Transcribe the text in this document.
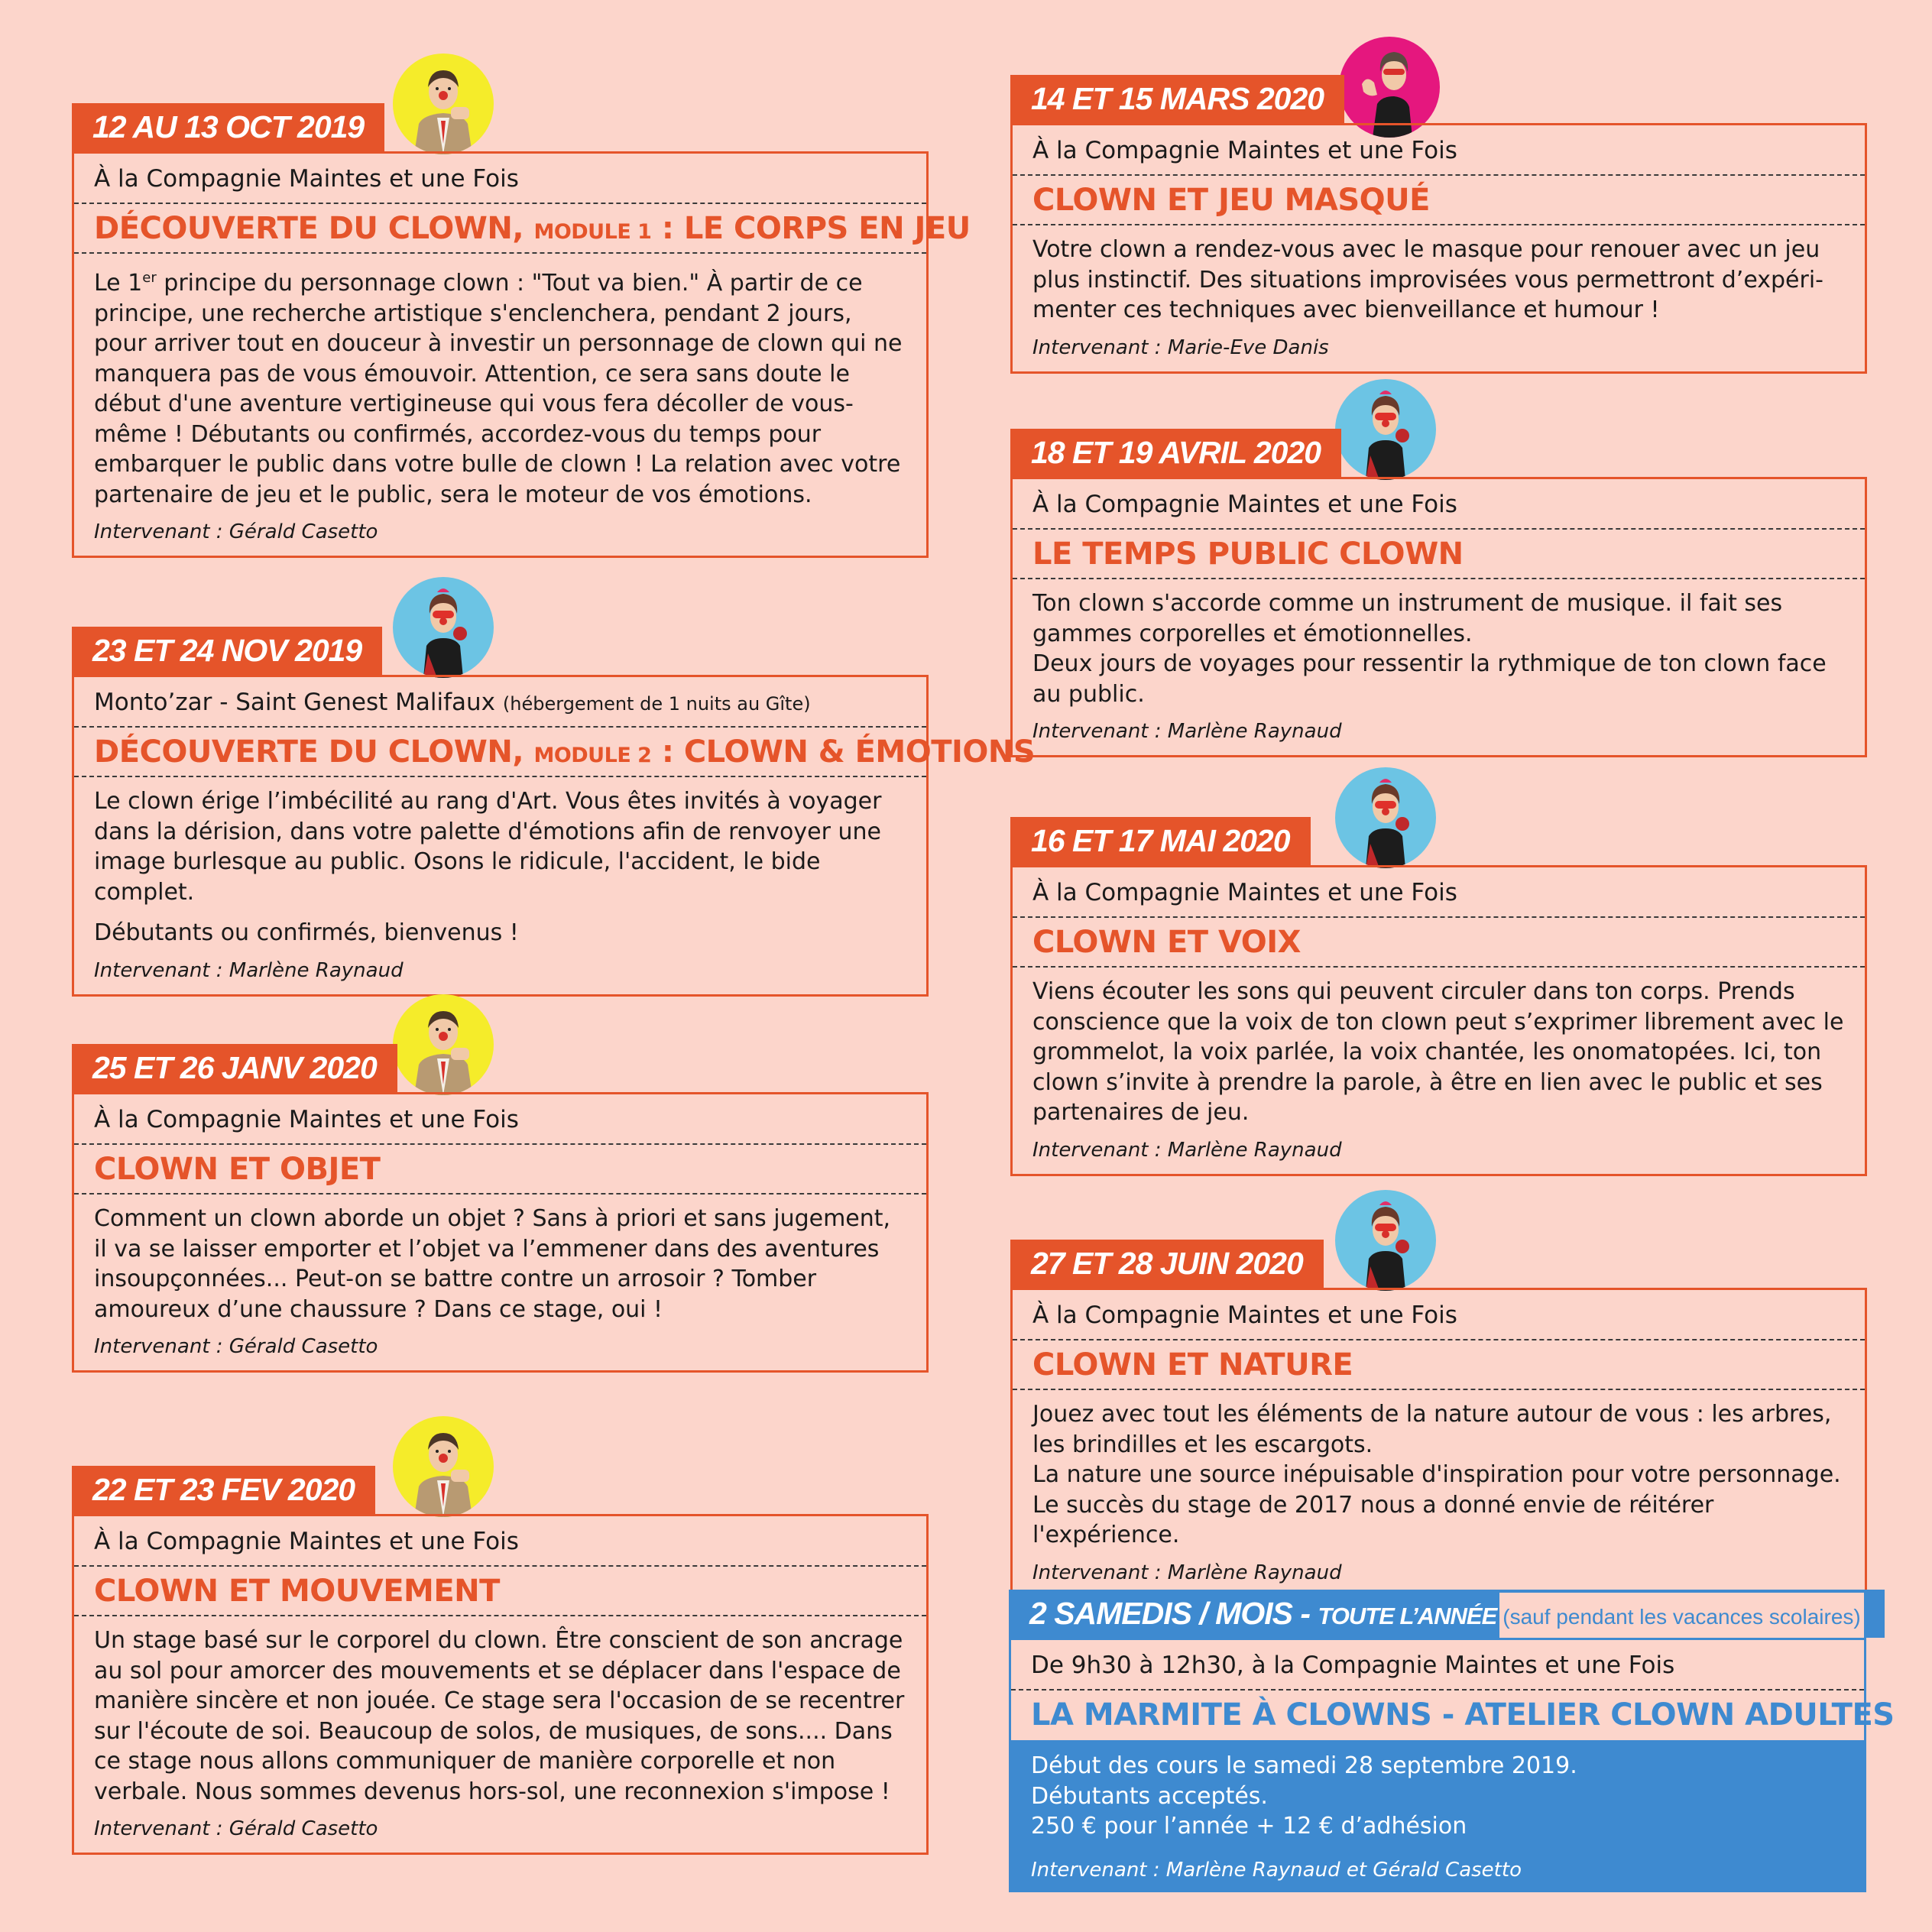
12 AU 13 OCT 2019
À la Compagnie Maintes et une Fois
DÉCOUVERTE DU CLOWN, MODULE 1 : LE CORPS EN JEU

Le 1er principe du personnage clown : "Tout va bien." À partir de ce principe, une recherche artistique s'enclenchera, pendant 2 jours, pour arriver tout en douceur à investir un personnage de clown qui ne manquera pas de vous émouvoir. Attention, ce sera sans doute le début d'une aventure vertigineuse qui vous fera décoller de vous-même ! Débutants ou confirmés, accordez-vous du temps pour embarquer le public dans votre bulle de clown ! La relation avec votre partenaire de jeu et le public, sera le moteur de vos émotions.

Intervenant : Gérald Casetto
23 ET 24 NOV 2019
Monto’zar - Saint Genest Malifaux (hébergement de 1 nuits au Gîte)
DÉCOUVERTE DU CLOWN, MODULE 2 : CLOWN & ÉMOTIONS

Le clown érige l’imbécilité au rang d'Art. Vous êtes invités à voyager dans la dérision, dans votre palette d'émotions afin de renvoyer une image burlesque au public. Osons le ridicule, l'accident, le bide complet.

Débutants ou confirmés, bienvenus !

Intervenant : Marlène Raynaud
25 ET 26 JANV 2020
À la Compagnie Maintes et une Fois
CLOWN ET OBJET

Comment un clown aborde un objet ? Sans à priori et sans jugement, il va se laisser emporter et l’objet va l’emmener dans des aventures insoupçonnées... Peut-on se battre contre un arrosoir ? Tomber amoureux d’une chaussure ? Dans ce stage, oui !

Intervenant : Gérald Casetto
22 ET 23 FEV 2020
À la Compagnie Maintes et une Fois
CLOWN ET MOUVEMENT

Un stage basé sur le corporel du clown. Être conscient de son ancrage au sol pour amorcer des mouvements et se déplacer dans l'espace de manière sincère et non jouée. Ce stage sera l'occasion de se recentrer sur l'écoute de soi. Beaucoup de solos, de musiques, de sons.... Dans ce stage nous allons communiquer de manière corporelle et non verbale. Nous sommes devenus hors-sol, une reconnexion s'impose !

Intervenant : Gérald Casetto
14 ET 15 MARS 2020
À la Compagnie Maintes et une Fois
CLOWN ET JEU MASQUÉ

Votre clown a rendez-vous avec le masque pour renouer avec un jeu plus instinctif. Des situations improvisées vous permettront d’expéri-menter ces techniques avec bienveillance et humour !

Intervenant : Marie-Eve Danis
18 ET 19 AVRIL 2020
À la Compagnie Maintes et une Fois
LE TEMPS PUBLIC CLOWN

Ton clown s'accorde comme un instrument de musique. il fait ses gammes corporelles et émotionnelles.

Deux jours de voyages pour ressentir la rythmique de ton clown face au public.

Intervenant : Marlène Raynaud
16 ET 17 MAI 2020
À la Compagnie Maintes et une Fois
CLOWN ET VOIX

Viens écouter les sons qui peuvent circuler dans ton corps. Prends conscience que la voix de ton clown peut s’exprimer librement avec le grommelot, la voix parlée, la voix chantée, les onomatopées. Ici, ton clown s’invite à prendre la parole, à être en lien avec le public et ses partenaires de jeu.

Intervenant : Marlène Raynaud
27 ET 28 JUIN 2020
À la Compagnie Maintes et une Fois
CLOWN ET NATURE

Jouez avec tout les éléments de la nature autour de vous : les arbres, les brindilles et les escargots.

La nature une source inépuisable d'inspiration pour votre personnage. Le succès du stage de 2017 nous a donné envie de réitérer l'expérience.

Intervenant : Marlène Raynaud
2 SAMEDIS / MOIS - TOUTE L’ANNÉE (sauf pendant les vacances scolaires)
De 9h30 à 12h30, à la Compagnie Maintes et une Fois
LA MARMITE À CLOWNS - ATELIER CLOWN ADULTES
Début des cours le samedi 28 septembre 2019.
Débutants acceptés.
250 € pour l’année + 12 € d’adhésion
Intervenant : Marlène Raynaud et Gérald Casetto
